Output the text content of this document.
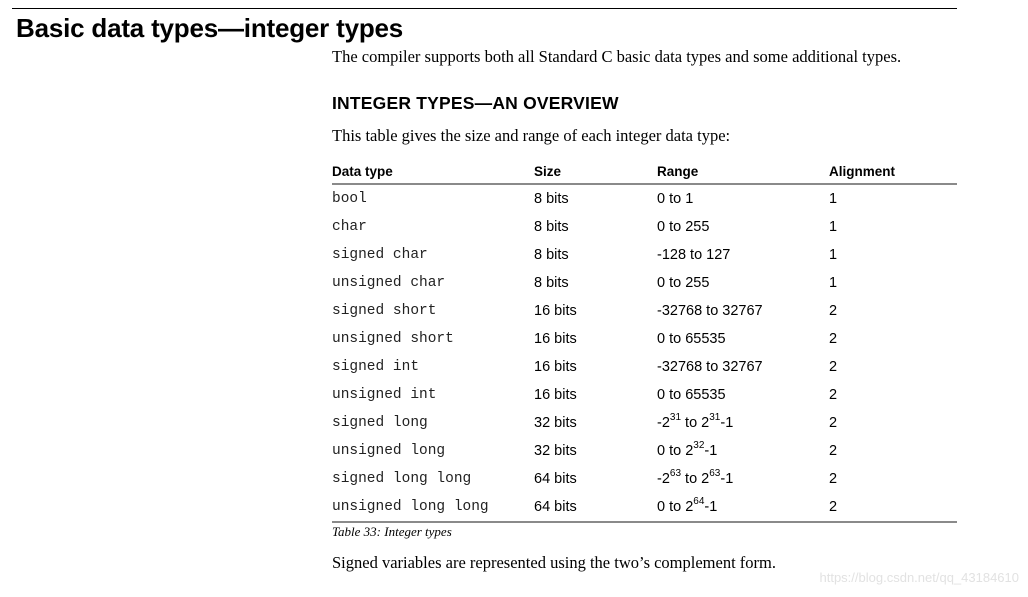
Basic data types—integer types

The compiler supports both all Standard C basic data types and some additional types.

INTEGER TYPES—AN OVERVIEW

This table gives the size and range of each integer data type:

Data type	Size	Range	Alignment
bool	8 bits	0 to 1	1
char	8 bits	0 to 255	1
signed char	8 bits	-128 to 127	1
unsigned char	8 bits	0 to 255	1
signed short	16 bits	-32768 to 32767	2
unsigned short	16 bits	0 to 65535	2
signed int	16 bits	-32768 to 32767	2
unsigned int	16 bits	0 to 65535	2
signed long	32 bits	$-2^{31}$ to $2^{31}-1$	2
unsigned long	32 bits	0 to $2^{32}-1$	2
signed long long	64 bits	$-2^{63}$ to $2^{63}-1$	2
unsigned long long	64 bits	0 to $2^{64}-1$	2

Table 33: Integer types

Signed variables are represented using the two’s complement form.

https://blog.csdn.net/qq_43184610
